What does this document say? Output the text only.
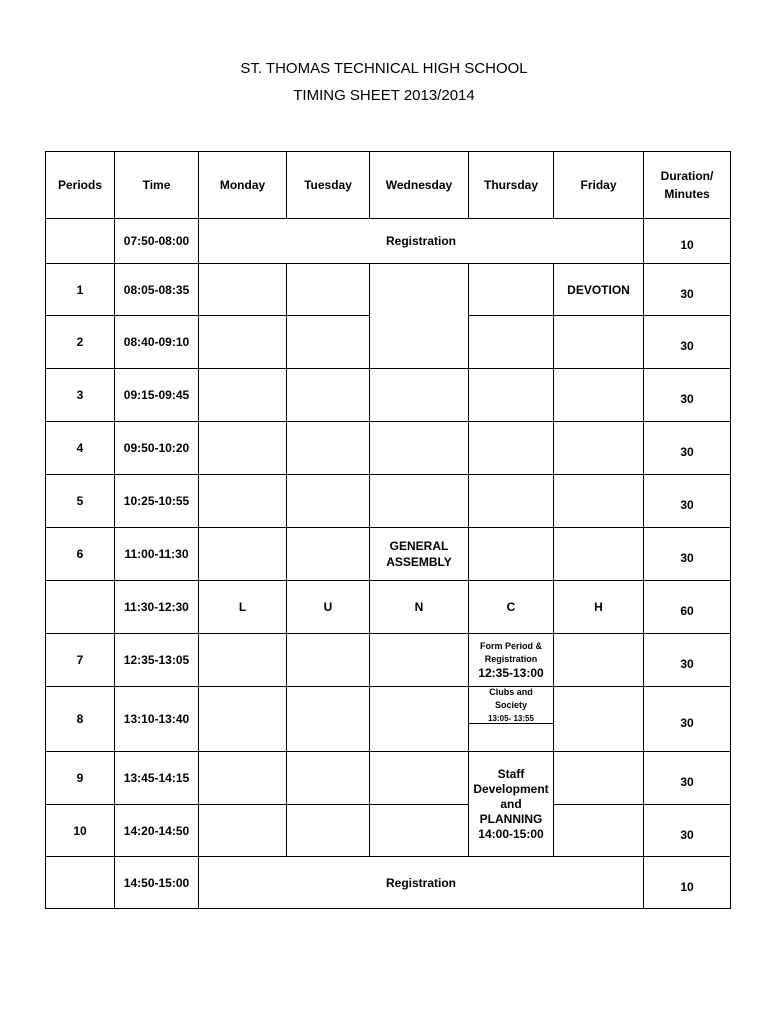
ST. THOMAS TECHNICAL HIGH SCHOOL
TIMING SHEET 2013/2014
Periods	Time	Monday	Tuesday	Wednesday	Thursday	Friday	Duration/
Minutes

	07:50-08:00	Registration					10
1	08:05-08:35					DEVOTION	30
2	08:40-09:10						30
3	09:15-09:45						30
4	09:50-10:20						30
5	10:25-10:55						30
6	11:00-11:30			GENERAL
ASSEMBLY			30
	11:30-12:30	L	U	N	C	H	60
7	12:35-13:05				Form Period &
Registration
12:35-13:00		30
8	13:10-13:40				Clubs and
Society
13:05- 13:55		30
9	13:45-14:15				Staff
Development
and
PLANNING
14:00-15:00		30
10	14:20-14:50						30
	14:50-15:00	Registration					10
